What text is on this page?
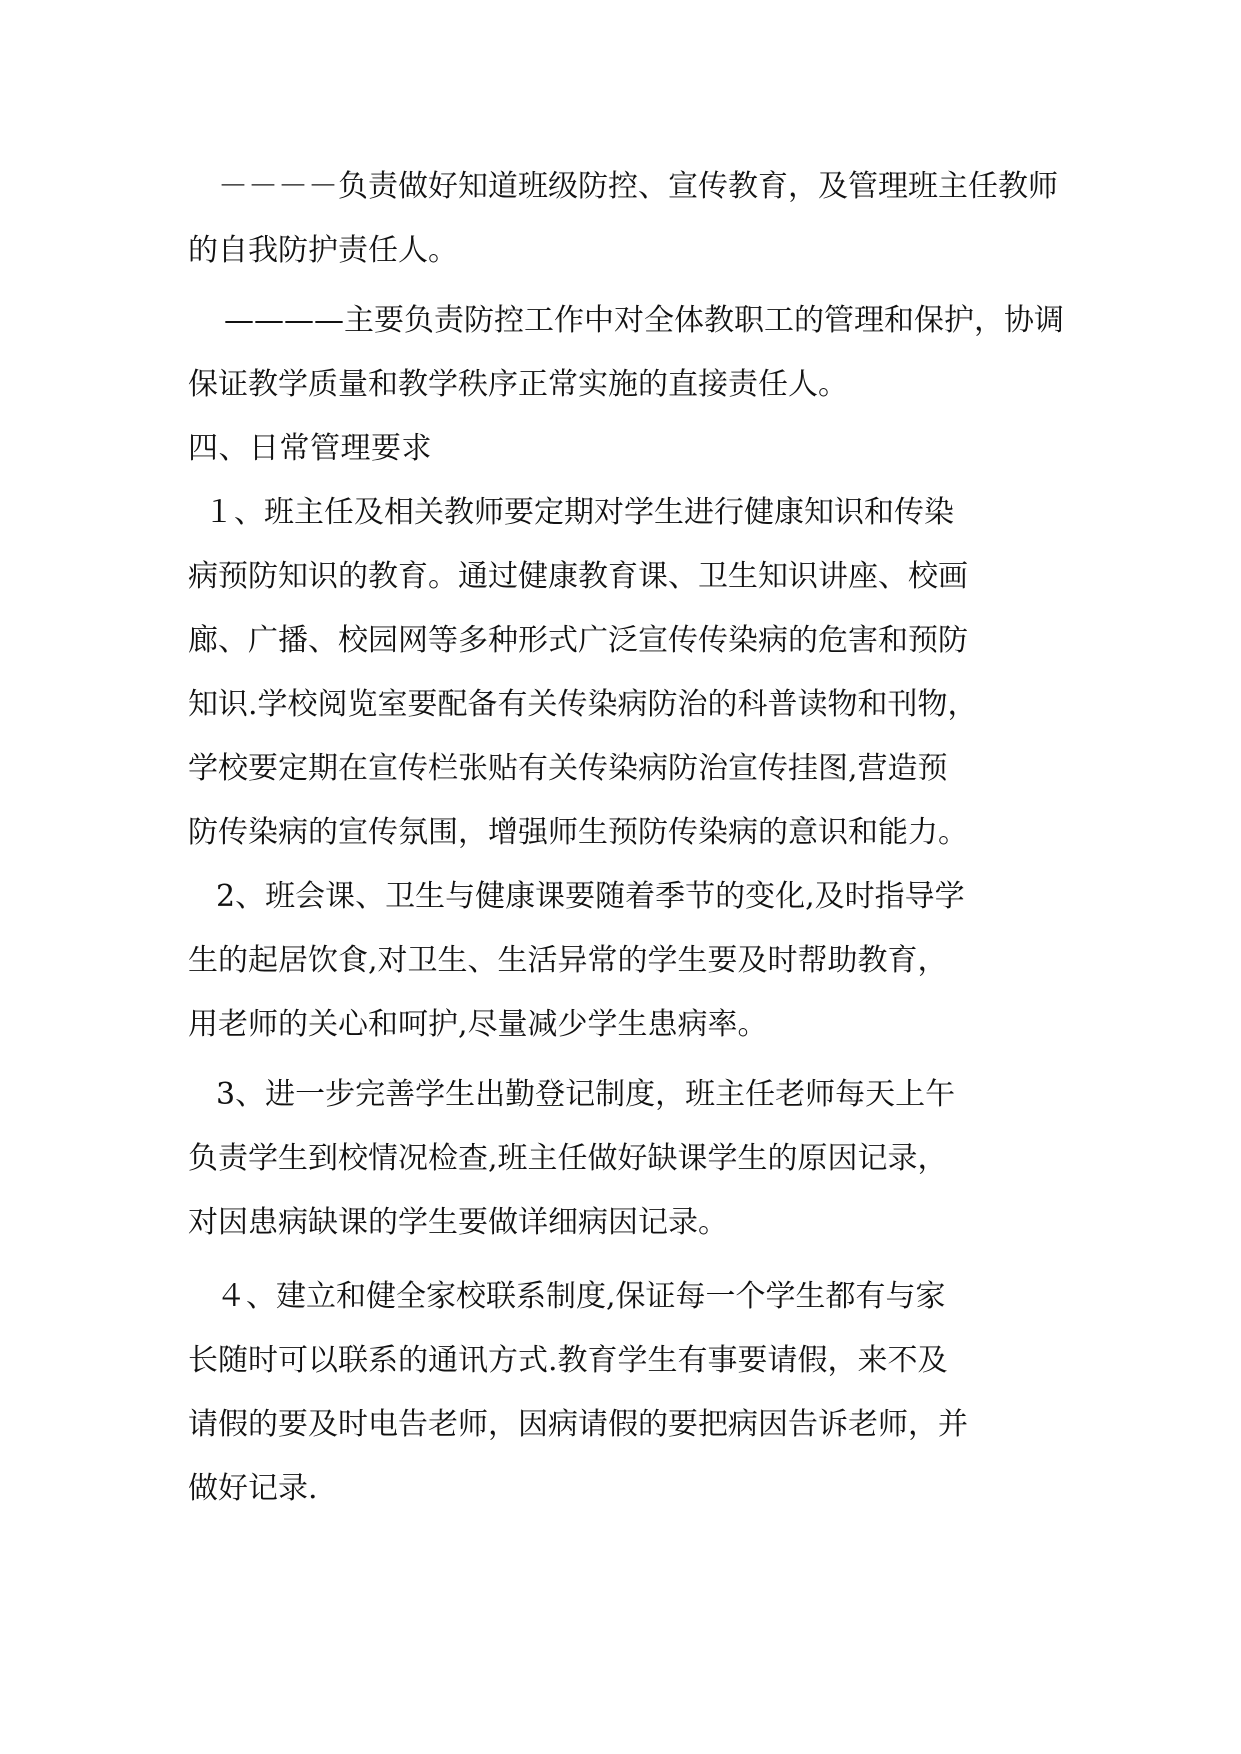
－－－－负责做好知道班级防控、宣传教育，及管理班主任教师
的自我防护责任人。
————主要负责防控工作中对全体教职工的管理和保护，协调
保证教学质量和教学秩序正常实施的直接责任人。
四、日常管理要求
１、班主任及相关教师要定期对学生进行健康知识和传染
病预防知识的教育。通过健康教育课、卫生知识讲座、校画
廊、广播、校园网等多种形式广泛宣传传染病的危害和预防
知识.学校阅览室要配备有关传染病防治的科普读物和刊物，
学校要定期在宣传栏张贴有关传染病防治宣传挂图,营造预
防传染病的宣传氛围，增强师生预防传染病的意识和能力。
2、班会课、卫生与健康课要随着季节的变化,及时指导学
生的起居饮食,对卫生、生活异常的学生要及时帮助教育，
用老师的关心和呵护,尽量减少学生患病率。
3、进一步完善学生出勤登记制度，班主任老师每天上午
负责学生到校情况检查,班主任做好缺课学生的原因记录，
对因患病缺课的学生要做详细病因记录。
４、建立和健全家校联系制度,保证每一个学生都有与家
长随时可以联系的通讯方式.教育学生有事要请假，来不及
请假的要及时电告老师，因病请假的要把病因告诉老师，并
做好记录.
